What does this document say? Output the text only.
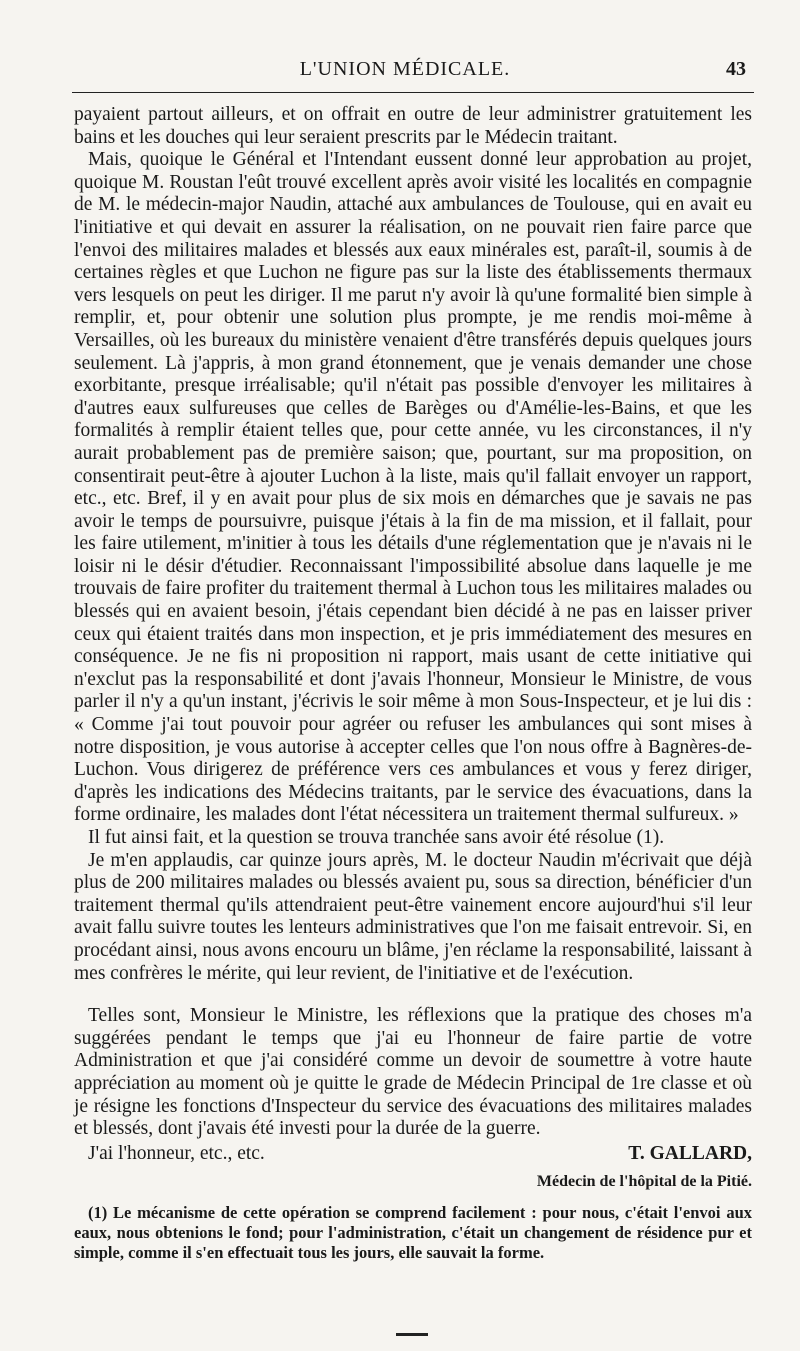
L'UNION MÉDICALE.	43

payaient partout ailleurs, et on offrait en outre de leur administrer gratuitement les bains et les douches qui leur seraient prescrits par le Médecin traitant.

Mais, quoique le Général et l'Intendant eussent donné leur approbation au projet, quoique M. Roustan l'eût trouvé excellent après avoir visité les localités en compagnie de M. le médecin-major Naudin, attaché aux ambulances de Toulouse, qui en avait eu l'initiative et qui devait en assurer la réalisation, on ne pouvait rien faire parce que l'envoi des militaires malades et blessés aux eaux minérales est, paraît-il, soumis à de certaines règles et que Luchon ne figure pas sur la liste des établissements thermaux vers lesquels on peut les diriger. Il me parut n'y avoir là qu'une formalité bien simple à remplir, et, pour obtenir une solution plus prompte, je me rendis moi-même à Versailles, où les bureaux du ministère venaient d'être transférés depuis quelques jours seulement. Là j'appris, à mon grand étonnement, que je venais demander une chose exorbitante, presque irréalisable; qu'il n'était pas possible d'envoyer les militaires à d'autres eaux sulfureuses que celles de Barèges ou d'Amélie-les-Bains, et que les formalités à remplir étaient telles que, pour cette année, vu les circonstances, il n'y aurait probablement pas de première saison; que, pourtant, sur ma proposition, on consentirait peut-être à ajouter Luchon à la liste, mais qu'il fallait envoyer un rapport, etc., etc. Bref, il y en avait pour plus de six mois en démarches que je savais ne pas avoir le temps de poursuivre, puisque j'étais à la fin de ma mission, et il fallait, pour les faire utilement, m'initier à tous les détails d'une réglementation que je n'avais ni le loisir ni le désir d'étudier. Reconnaissant l'impossibilité absolue dans laquelle je me trouvais de faire profiter du traitement thermal à Luchon tous les militaires malades ou blessés qui en avaient besoin, j'étais cependant bien décidé à ne pas en laisser priver ceux qui étaient traités dans mon inspection, et je pris immédiatement des mesures en conséquence. Je ne fis ni proposition ni rapport, mais usant de cette initiative qui n'exclut pas la responsabilité et dont j'avais l'honneur, Monsieur le Ministre, de vous parler il n'y a qu'un instant, j'écrivis le soir même à mon Sous-Inspecteur, et je lui dis : « Comme j'ai tout pouvoir pour agréer ou refuser les ambulances qui sont mises à notre disposition, je vous autorise à accepter celles que l'on nous offre à Bagnères-de-Luchon. Vous dirigerez de préférence vers ces ambulances et vous y ferez diriger, d'après les indications des Médecins traitants, par le service des évacuations, dans la forme ordinaire, les malades dont l'état nécessitera un traitement thermal sulfureux. »

Il fut ainsi fait, et la question se trouva tranchée sans avoir été résolue (1).

Je m'en applaudis, car quinze jours après, M. le docteur Naudin m'écrivait que déjà plus de 200 militaires malades ou blessés avaient pu, sous sa direction, bénéficier d'un traitement thermal qu'ils attendraient peut-être vainement encore aujourd'hui s'il leur avait fallu suivre toutes les lenteurs administratives que l'on me faisait entrevoir. Si, en procédant ainsi, nous avons encouru un blâme, j'en réclame la responsabilité, laissant à mes confrères le mérite, qui leur revient, de l'initiative et de l'exécution.

Telles sont, Monsieur le Ministre, les réflexions que la pratique des choses m'a suggérées pendant le temps que j'ai eu l'honneur de faire partie de votre Administration et que j'ai considéré comme un devoir de soumettre à votre haute appréciation au moment où je quitte le grade de Médecin Principal de 1re classe et où je résigne les fonctions d'Inspecteur du service des évacuations des militaires malades et blessés, dont j'avais été investi pour la durée de la guerre.

J'ai l'honneur, etc., etc.	T. GALLARD,
Médecin de l'hôpital de la Pitié.

(1) Le mécanisme de cette opération se comprend facilement : pour nous, c'était l'envoi aux eaux, nous obtenions le fond; pour l'administration, c'était un changement de résidence pur et simple, comme il s'en effectuait tous les jours, elle sauvait la forme.
